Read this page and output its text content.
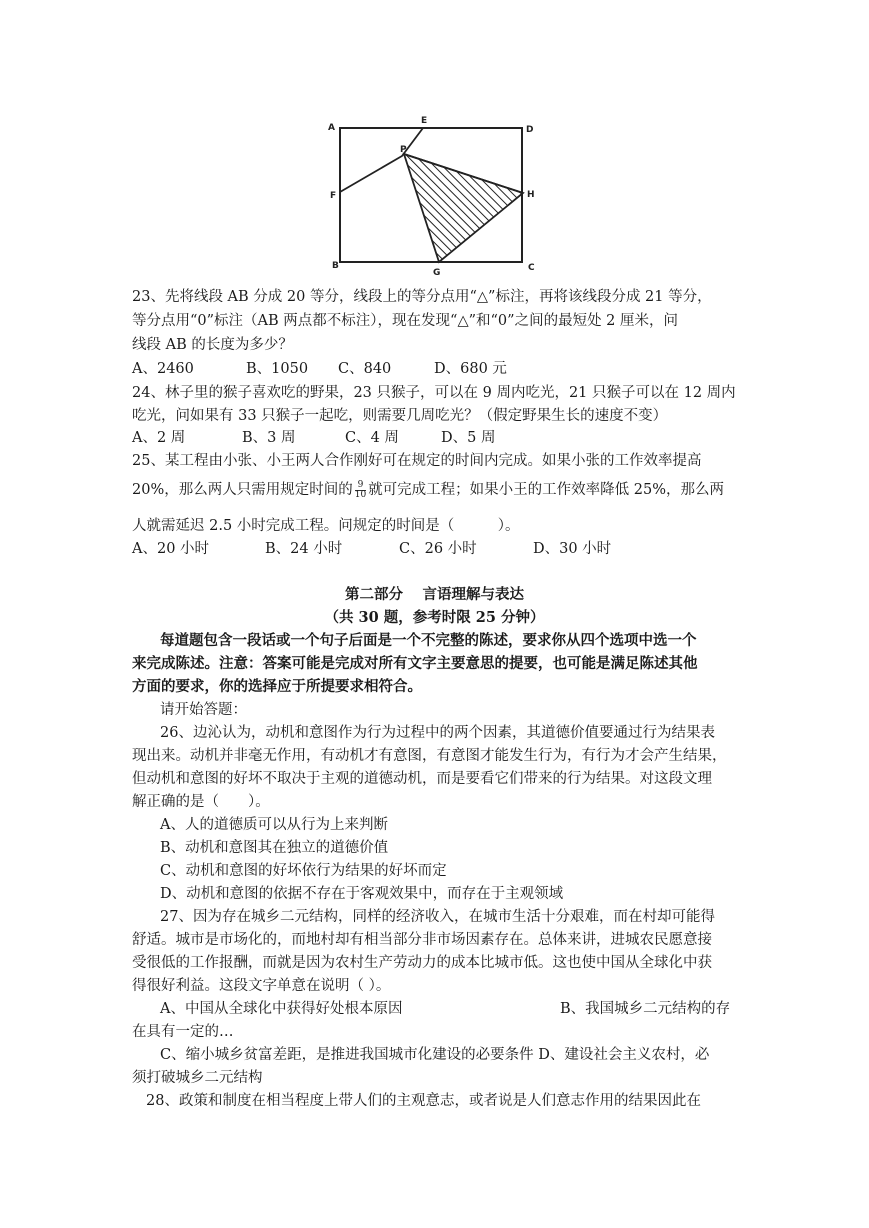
A
E
D
P
F	H
B
G	C
23、先将线段 AB 分成 20 等分，线段上的等分点用“△”标注，再将该线段分成 21 等分，
等分点用“0”标注（AB 两点都不标注），现在发现“△”和“0”之间的最短处 2 厘米，问
线段 AB 的长度为多少？
A、2460	B、1050 C、840	D、680 元
24、林子里的猴子喜欢吃的野果，23 只猴子，可以在 9 周内吃光，21 只猴子可以在 12 周内
吃光，问如果有 33 只猴子一起吃，则需要几周吃光？（假定野果生长的速度不变）
A、2 周	B、3 周	C、4 周	D、5 周
25、某工程由小张、小王两人合作刚好可在规定的时间内完成。如果小张的工作效率提高
20%，那么两人只需用规定时间的 $\frac{9}{10}$ 就可完成工程；如果小王的工作效率降低 25%，那么两
人就需延迟 2.5 小时完成工程。问规定的时间是（　　　）。
A、20 小时	B、24 小时	C、26 小时	D、30 小时
第二部分　 言语理解与表达
（共 30 题，参考时限 25 分钟）
每道题包含一段话或一个句子后面是一个不完整的陈述，要求你从四个选项中选一个
来完成陈述。注意：答案可能是完成对所有文字主要意思的提要，也可能是满足陈述其他
方面的要求，你的选择应于所提要求相符合。
请开始答题：
26、边沁认为，动机和意图作为行为过程中的两个因素，其道德价值要通过行为结果表
现出来。动机并非毫无作用，有动机才有意图，有意图才能发生行为，有行为才会产生结果，
但动机和意图的好坏不取决于主观的道德动机，而是要看它们带来的行为结果。对这段文理
解正确的是（　　）。
A、人的道德质可以从行为上来判断
B、动机和意图其在独立的道德价值
C、动机和意图的好坏依行为结果的好坏而定
D、动机和意图的依据不存在于客观效果中，而存在于主观领域
27、因为存在城乡二元结构，同样的经济收入，在城市生活十分艰难，而在村却可能得
舒适。城市是市场化的，而地村却有相当部分非市场因素存在。总体来讲，进城农民愿意接
受很低的工作报酬，而就是因为农村生产劳动力的成本比城市低。这也使中国从全球化中获
得很好利益。这段文字单意在说明（ ）。
A、中国从全球化中获得好处根本原因	B、我国城乡二元结构的存
在具有一定的…
C、缩小城乡贫富差距，是推进我国城市化建设的必要条件 D、建设社会主义农村，必
须打破城乡二元结构
28、政策和制度在相当程度上带人们的主观意志，或者说是人们意志作用的结果因此在
